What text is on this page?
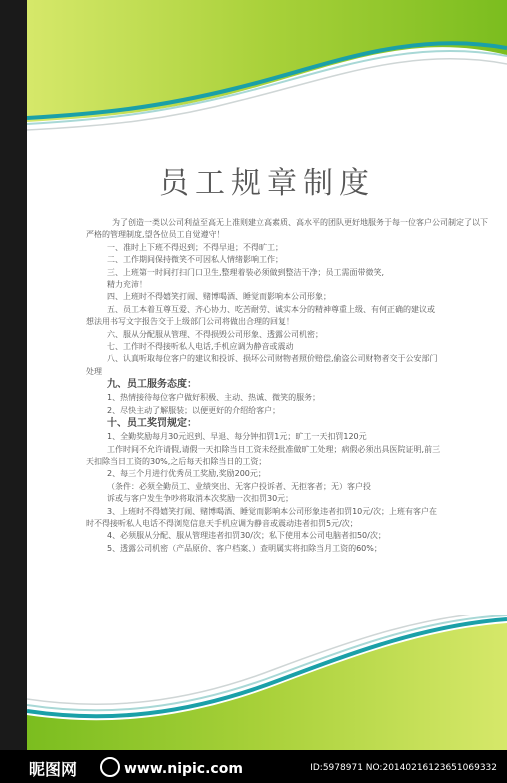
员工规章制度

为了创造一类以公司利益至高无上准则建立高素质、高水平的团队更好地服务于每一位客户公司制定了以下严格的管理制度,望各位员工自觉遵守！

一、准时上下班不得迟到；不得早退；不得旷工；

二、工作期间保持微笑不可因私人情绪影响工作；

三、上班第一时间打扫门口卫生,整理着装必须做到整洁干净；员工需面带微笑,

精力充沛！

四、上班时不得嬉笑打闹、赌博喝酒、睡觉而影响本公司形象；

五、员工本着互尊互爱、齐心协力、吃苦耐劳、诚实本分的精神尊重上级、有何正确的建议或

想法用书写文字报告交于上级部门公司将做出合理的回复！

六、服从分配服从管理、不得损毁公司形象、透露公司机密；

七、工作时不得接听私人电话,手机应调为静音或震动

八、认真听取每位客户的建议和投诉、损坏公司财物者照价赔偿,偷盗公司财物者交于公安部门

处理

九、员工服务态度：

1、热情接待每位客户做好积极、主动、热诚、微笑的服务；

2、尽快主动了解服装；以便更好的介绍给客户；

十、员工奖罚规定：

1、全勤奖励每月30元迟到、早退、每分钟扣罚1元；旷工一天扣罚120元

工作时间不允许请假,请假一天扣除当日工资未经批准做旷工处理；病假必须出具医院证明,前三

天扣除当日工资的30%,之后每天扣除当日的工资；

2、每三个月进行优秀员工奖励,奖励200元；

（条件：必须全勤员工、业绩突出、无客户投诉者、无拒客者；无）客户投

诉或与客户发生争吵将取消本次奖励一次扣罚30元；

3、上班时不得嬉笑打闹、赌博喝酒、睡觉而影响本公司形象违者扣罚10元/次；上班有客户在

时不得接听私人电话不得浏览信息天手机应调为静音或震动违者扣罚5元/次；

4、必须服从分配、服从管理违者扣罚30/次；私下使用本公司电脑者扣50/次；

5、透露公司机密（产品原价、客户档案、）查明属实将扣除当月工资的60%；

昵图网	www.nipic.com	ID:5978971 NO:20140216123651069332
